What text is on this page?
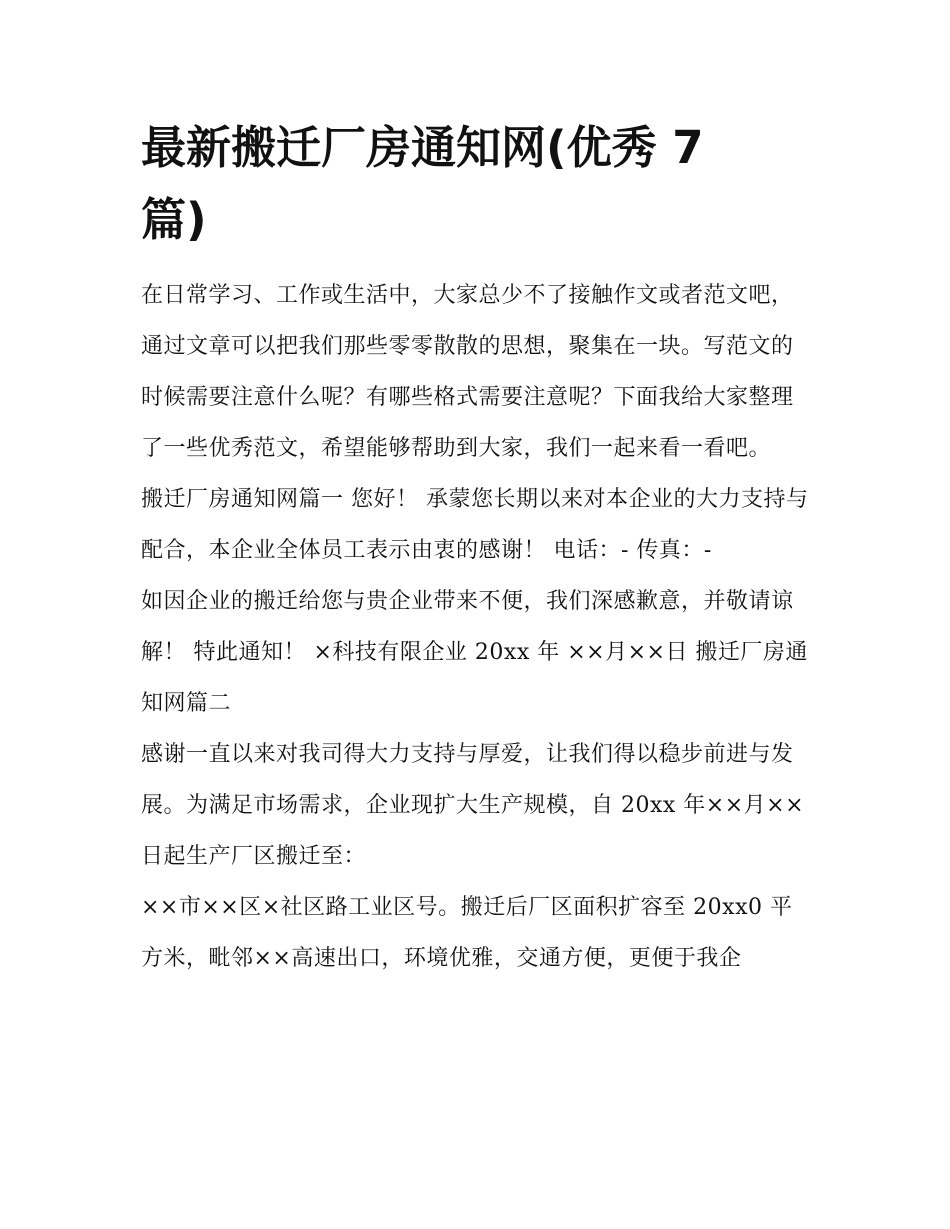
最新搬迁厂房通知网(优秀 7 篇)

在日常学习、工作或生活中，大家总少不了接触作文或者范文吧，通过文章可以把我们那些零零散散的思想，聚集在一块。写范文的时候需要注意什么呢？有哪些格式需要注意呢？下面我给大家整理了一些优秀范文，希望能够帮助到大家，我们一起来看一看吧。

搬迁厂房通知网篇一 您好！ 承蒙您长期以来对本企业的大力支持与配合，本企业全体员工表示由衷的感谢！ 电话：- 传真：-

如因企业的搬迁给您与贵企业带来不便，我们深感歉意，并敬请谅解！ 特此通知！ ×科技有限企业 20xx 年 ××月××日 搬迁厂房通知网篇二

感谢一直以来对我司得大力支持与厚爱，让我们得以稳步前进与发展。为满足市场需求，企业现扩大生产规模，自 20xx 年××月××日起生产厂区搬迁至：

××市××区×社区路工业区号。搬迁后厂区面积扩容至 20xx0 平方米，毗邻××高速出口，环境优雅，交通方便，更便于我企
